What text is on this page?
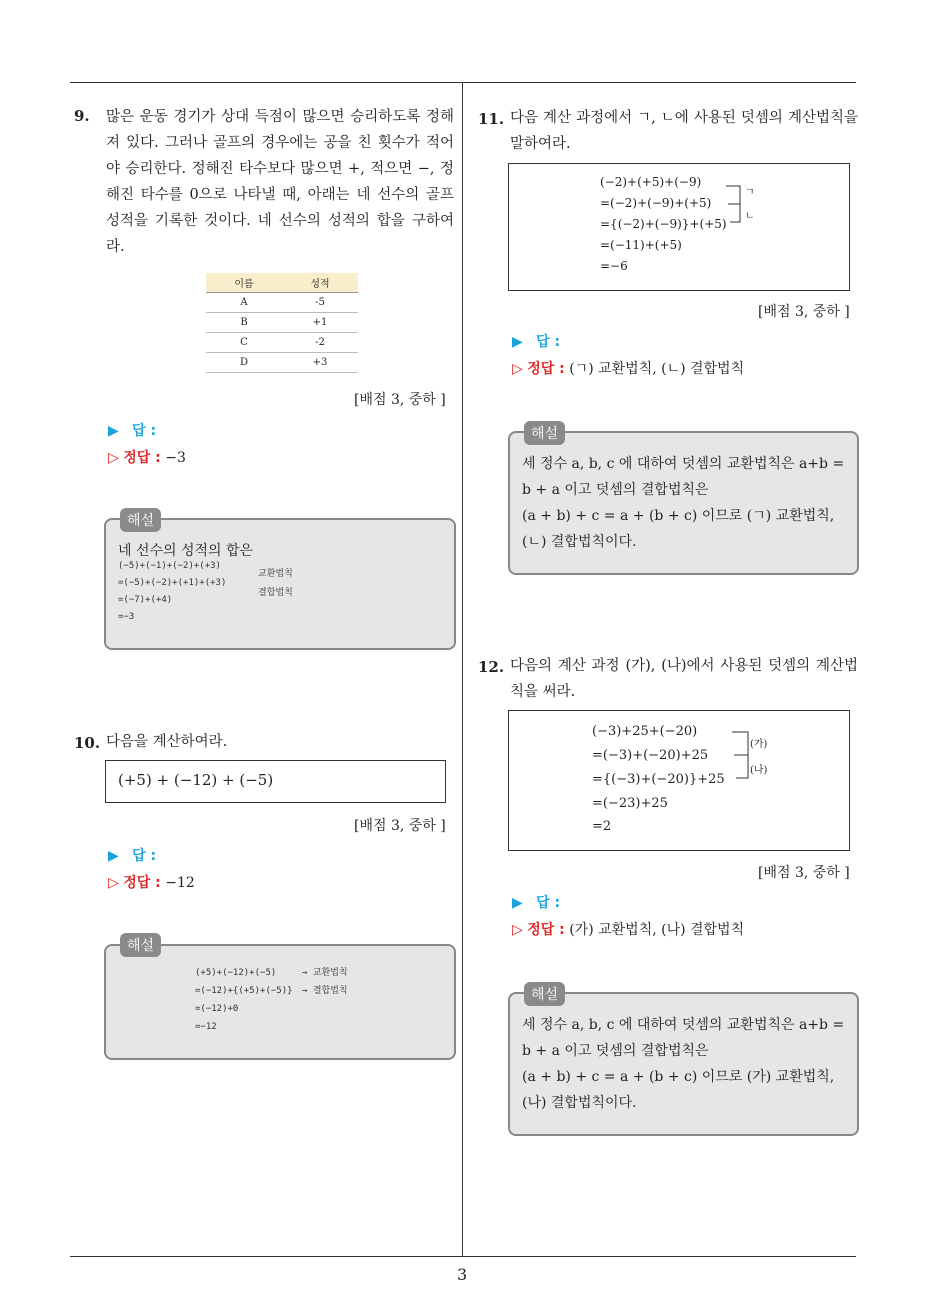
9. 많은 운동 경기가 상대 득점이 많으면 승리하도록 정해져 있다. 그러나 골프의 경우에는 공을 친 횟수가 적어야 승리한다. 정해진 타수보다 많으면 +, 적으면 −, 정해진 타수를 0으로 나타낼 때, 아래는 네 선수의 골프 성적을 기록한 것이다. 네 선수의 성적의 합을 구하여라.
이름	성적
A	-5
B	+1
C	-2
D	+3
[배점 3, 중하 ]
▶ 답 :
▷ 정답 : −3
해설
네 선수의 성적의 합은
(−5)+(−1)+(−2)+(+3)
=(−5)+(−2)+(+1)+(+3)
=(−7)+(+4)
=−3
교환법칙
결합법칙
10. 다음을 계산하여라.
(+5) + (−12) + (−5)
[배점 3, 중하 ]
▶ 답 :
▷ 정답 : −12
해설
(+5)+(−12)+(−5)
=(−12)+{(+5)+(−5)}
=(−12)+0
=−12
→ 교환법칙
→ 결합법칙
11. 다음 계산 과정에서 ㄱ, ㄴ에 사용된 덧셈의 계산법칙을 말하여라.
(−2)+(+5)+(−9)
=(−2)+(−9)+(+5)
={(−2)+(−9)}+(+5)
=(−11)+(+5)
=−6
ㄱ
ㄴ
[배점 3, 중하 ]
▶ 답 :
▷ 정답 : (ㄱ) 교환법칙, (ㄴ) 결합법칙
해설
세 정수 a, b, c 에 대하여 덧셈의 교환법칙은 a+b =
b + a 이고 덧셈의 결합법칙은
(a + b) + c = a + (b + c) 이므로 (ㄱ) 교환법칙,
(ㄴ) 결합법칙이다.
12. 다음의 계산 과정 (가), (나)에서 사용된 덧셈의 계산법칙을 써라.
(−3)+25+(−20)
=(−3)+(−20)+25
={(−3)+(−20)}+25
=(−23)+25
=2
(가)
(나)
[배점 3, 중하 ]
▶ 답 :
▷ 정답 : (가) 교환법칙, (나) 결합법칙
해설
세 정수 a, b, c 에 대하여 덧셈의 교환법칙은 a+b =
b + a 이고 덧셈의 결합법칙은
(a + b) + c = a + (b + c) 이므로 (가) 교환법칙,
(나) 결합법칙이다.
3
